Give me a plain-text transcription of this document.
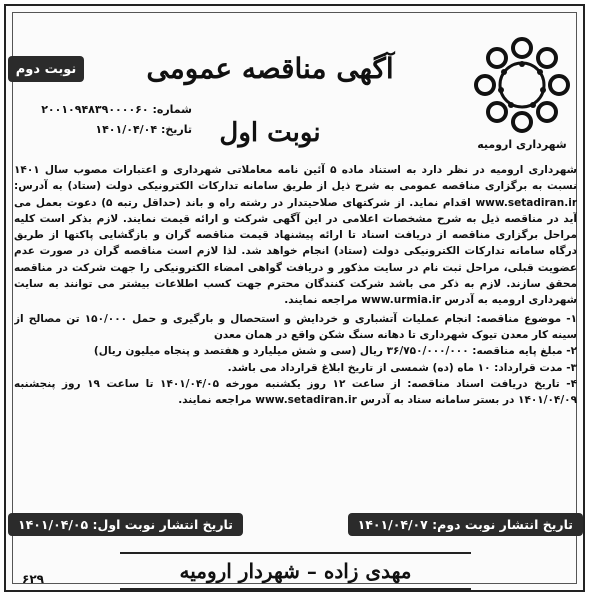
نوبت دوم	آگهی مناقصه عمومی
نوبت اول
شماره: ۲۰۰۱۰۹۴۸۳۹۰۰۰۰۶۰
تاریخ: ۱۴۰۱/۰۴/۰۴
شهرداری ارومیه

شهرداری ارومیه در نظر دارد به استناد ماده ۵ آئین نامه معاملاتی شهرداری و اعتبارات مصوب سال ۱۴۰۱ نسبت به برگزاری مناقصه عمومی به شرح ذیل از طریق سامانه تدارکات الکترونیکی دولت (ستاد) به آدرس: www.setadiran.ir اقدام نماید. از شرکتهای صلاحیتدار در رشته راه و باند (حداقل رتبه ۵) دعوت بعمل می آید در مناقصه ذیل به شرح مشخصات اعلامی در این آگهی شرکت و ارائه قیمت نمایند. لازم بذکر است کلیه مراحل برگزاری مناقصه از دریافت اسناد تا ارائه پیشنهاد قیمت مناقصه گران و بازگشایی پاکتها از طریق درگاه سامانه تدارکات الکترونیکی دولت (ستاد) انجام خواهد شد. لذا لازم است مناقصه گران در صورت عدم عضویت قبلی، مراحل ثبت نام در سایت مذکور و دریافت گواهی امضاء الکترونیکی را جهت شرکت در مناقصه محقق سازند. لازم به ذکر می باشد شرکت کنندگان محترم جهت کسب اطلاعات بیشتر می توانند به سایت شهرداری ارومیه به آدرس www.urmia.ir مراجعه نمایند.

۱- موضوع مناقصه: انجام عملیات آتشباری و خردایش و استحصال و بارگیری و حمل ۱۵۰/۰۰۰ تن مصالح از سینه کار معدن تیوک شهرداری تا دهانه سنگ شکن واقع در همان معدن

۲- مبلغ پایه مناقصه: ۳۶/۷۵۰/۰۰۰/۰۰۰ ریال (سی و شش میلیارد و هفتصد و پنجاه میلیون ریال)

۳- مدت قرارداد: ۱۰ ماه (ده) شمسی از تاریخ ابلاغ قرارداد می باشد.

۴- تاریخ دریافت اسناد مناقصه: از ساعت ۱۲ روز یکشنبه مورخه ۱۴۰۱/۰۴/۰۵ تا ساعت ۱۹ روز پنجشنبه ۱۴۰۱/۰۴/۰۹ در بستر سامانه ستاد به آدرس www.setadiran.ir مراجعه نمایند.

تاریخ انتشار نوبت اول: ۱۴۰۱/۰۴/۰۵	تاریخ انتشار نوبت دوم: ۱۴۰۱/۰۴/۰۷
مهدی زاده – شهردار ارومیه
۶۲۹
